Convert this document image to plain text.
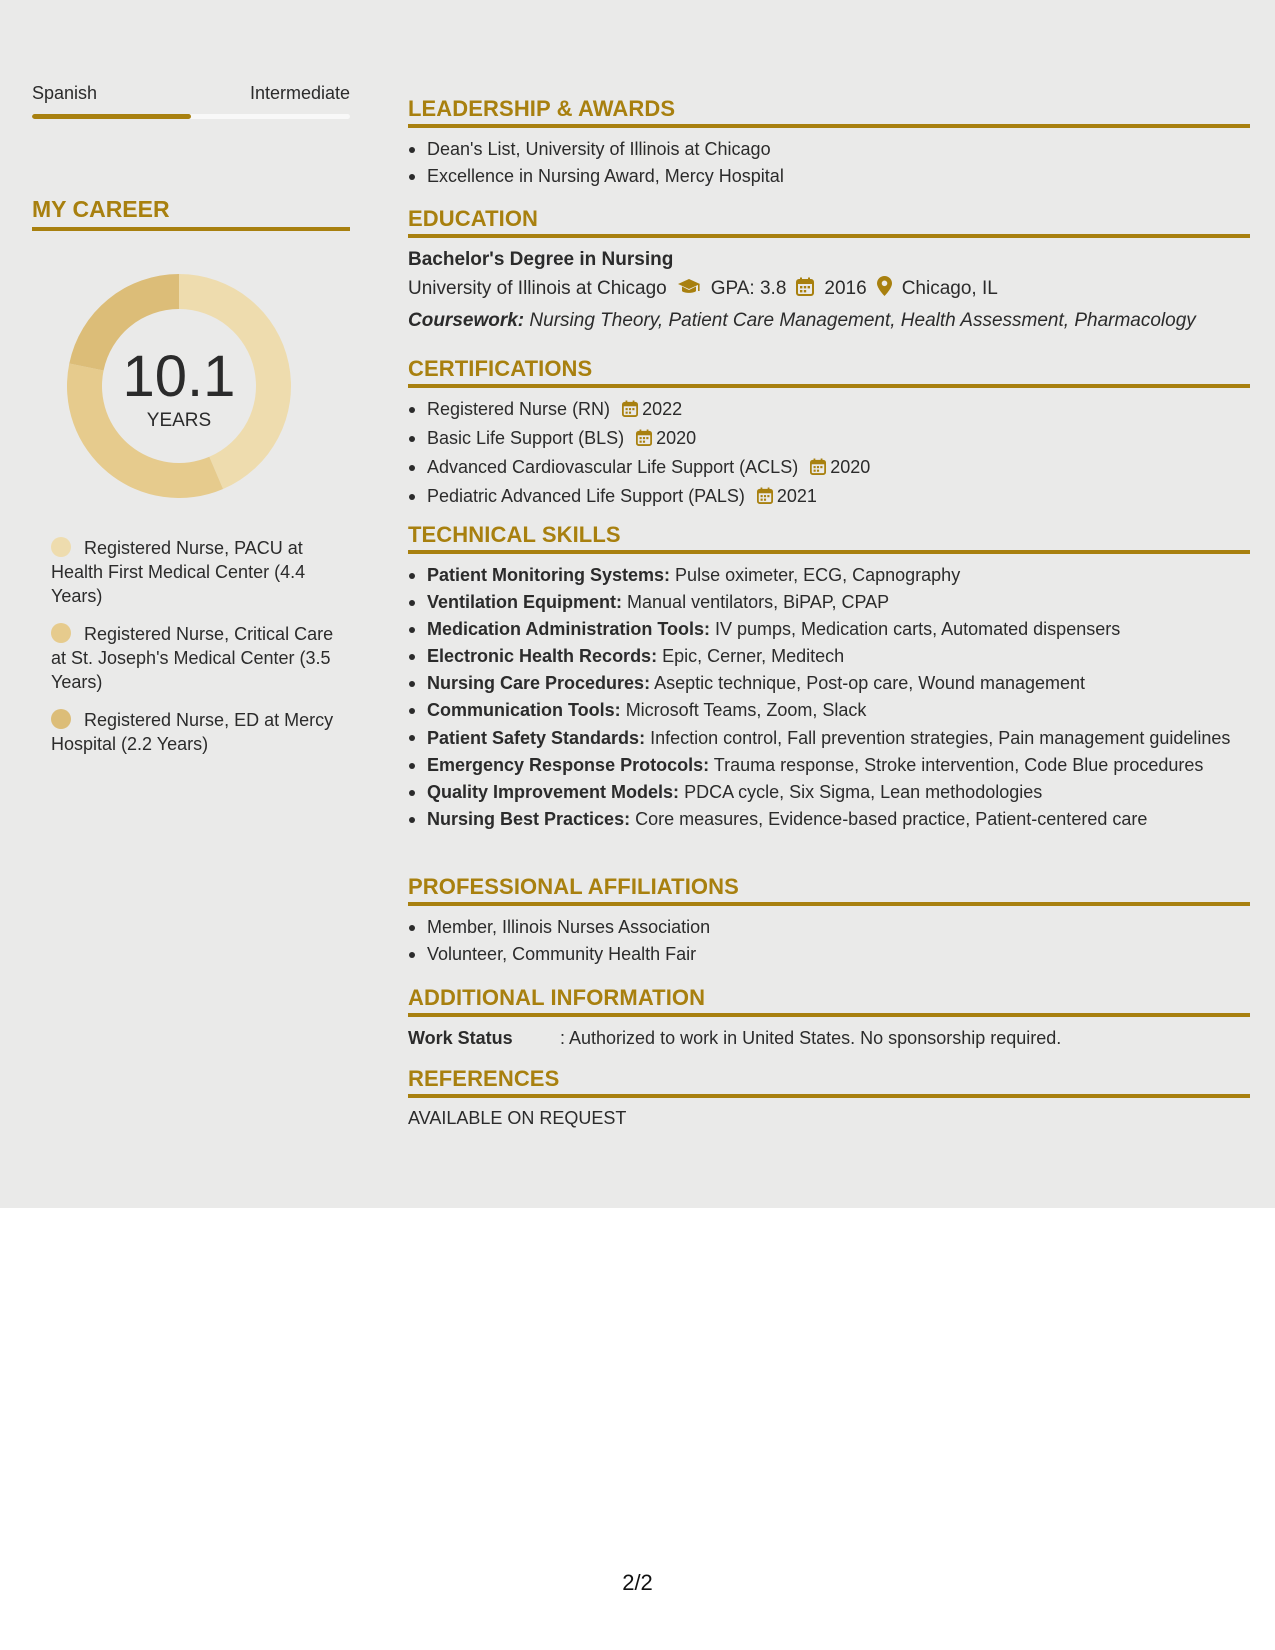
Spanish	Intermediate
MY CAREER
10.1
YEARS
Registered Nurse, PACU at Health First Medical Center (4.4 Years)
Registered Nurse, Critical Care at St. Joseph's Medical Center (3.5 Years)
Registered Nurse, ED at Mercy Hospital (2.2 Years)
LEADERSHIP & AWARDS
Dean's List, University of Illinois at Chicago
Excellence in Nursing Award, Mercy Hospital
EDUCATION
Bachelor's Degree in Nursing
University of Illinois at Chicago GPA: 3.8 2016 Chicago, IL
Coursework: Nursing Theory, Patient Care Management, Health Assessment, Pharmacology
CERTIFICATIONS
Registered Nurse (RN) 2022
Basic Life Support (BLS) 2020
Advanced Cardiovascular Life Support (ACLS) 2020
Pediatric Advanced Life Support (PALS) 2021
TECHNICAL SKILLS
Patient Monitoring Systems: Pulse oximeter, ECG, Capnography
Ventilation Equipment: Manual ventilators, BiPAP, CPAP
Medication Administration Tools: IV pumps, Medication carts, Automated dispensers
Electronic Health Records: Epic, Cerner, Meditech
Nursing Care Procedures: Aseptic technique, Post-op care, Wound management
Communication Tools: Microsoft Teams, Zoom, Slack
Patient Safety Standards: Infection control, Fall prevention strategies, Pain management guidelines
Emergency Response Protocols: Trauma response, Stroke intervention, Code Blue procedures
Quality Improvement Models: PDCA cycle, Six Sigma, Lean methodologies
Nursing Best Practices: Core measures, Evidence-based practice, Patient-centered care
PROFESSIONAL AFFILIATIONS
Member, Illinois Nurses Association
Volunteer, Community Health Fair
ADDITIONAL INFORMATION
Work Status	: Authorized to work in United States. No sponsorship required.
REFERENCES
AVAILABLE ON REQUEST
2/2
